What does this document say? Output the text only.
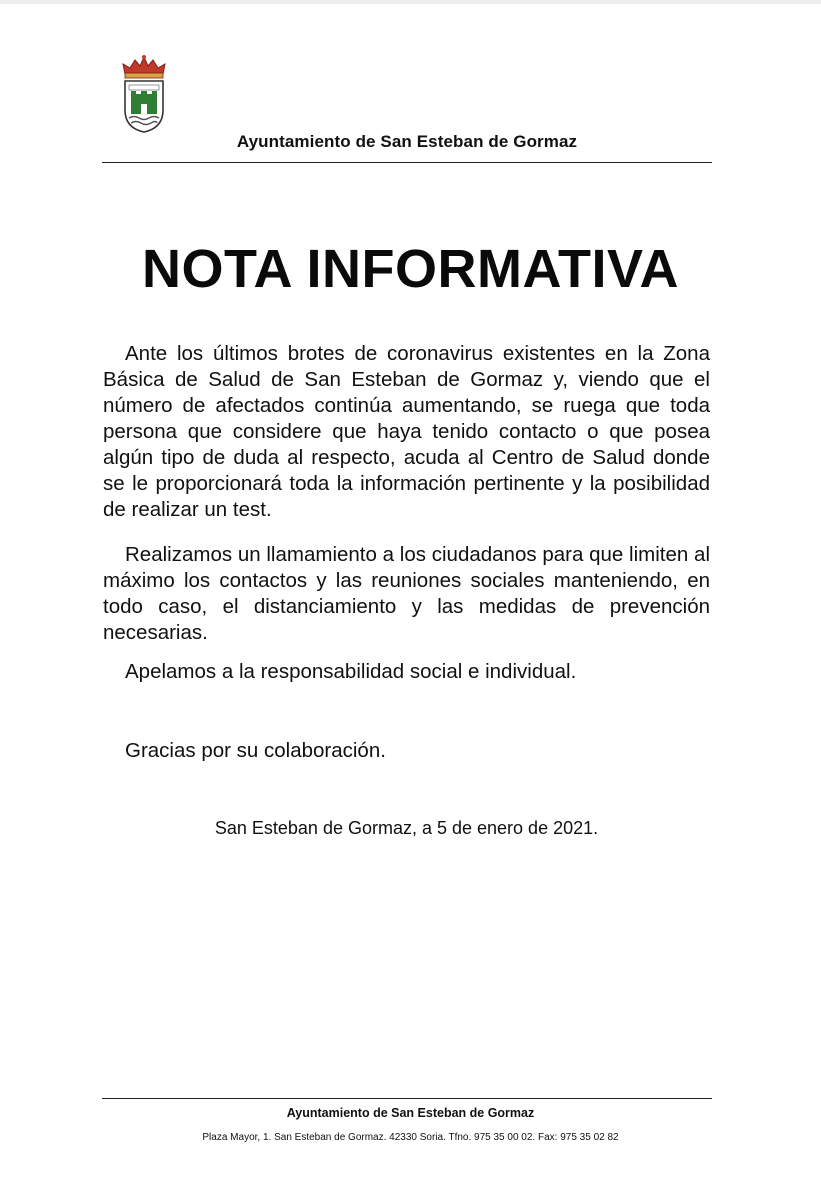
Ayuntamiento de San Esteban de Gormaz
NOTA INFORMATIVA

Ante los últimos brotes de coronavirus existentes en la Zona Básica de Salud de San Esteban de Gormaz y, viendo que el número de afectados continúa aumentando, se ruega que toda persona que considere que haya tenido contacto o que posea algún tipo de duda al respecto, acuda al Centro de Salud donde se le proporcionará toda la información pertinente y la posibilidad de realizar un test.

Realizamos un llamamiento a los ciudadanos para que limiten al máximo los contactos y las reuniones sociales manteniendo, en todo caso, el distanciamiento y las medidas de prevención necesarias.

Apelamos a la responsabilidad social e individual.

Gracias por su colaboración.

San Esteban de Gormaz, a 5 de enero de 2021.
Ayuntamiento de San Esteban de Gormaz
Plaza Mayor, 1. San Esteban de Gormaz. 42330 Soria. Tfno. 975 35 00 02. Fax: 975 35 02 82
